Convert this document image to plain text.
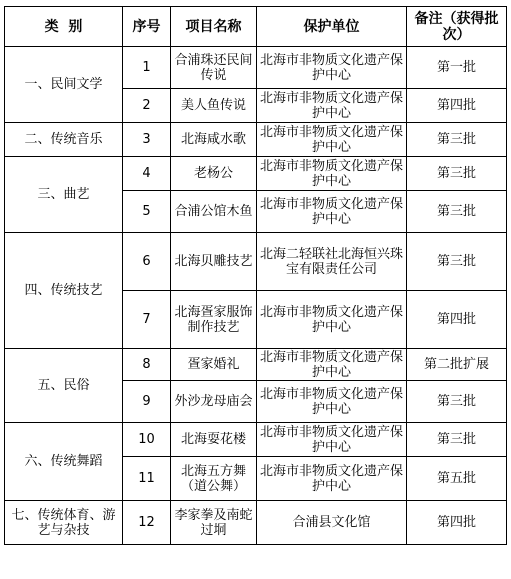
类  别	序号	项目名称	保护单位	备注（获得批次）
一、民间文学	1	合浦珠还民间传说	北海市非物质文化遗产保护中心	第一批
	2	美人鱼传说	北海市非物质文化遗产保护中心	第四批
二、传统音乐	3	北海咸水歌	北海市非物质文化遗产保护中心	第三批
三、曲艺	4	老杨公	北海市非物质文化遗产保护中心	第三批
	5	合浦公馆木鱼	北海市非物质文化遗产保护中心	第三批
四、传统技艺	6	北海贝雕技艺	北海二轻联社北海恒兴珠宝有限责任公司	第三批
	7	北海疍家服饰制作技艺	北海市非物质文化遗产保护中心	第四批
五、民俗	8	疍家婚礼	北海市非物质文化遗产保护中心	第二批扩展
	9	外沙龙母庙会	北海市非物质文化遗产保护中心	第三批
六、传统舞蹈	10	北海耍花楼	北海市非物质文化遗产保护中心	第三批
	11	北海五方舞（道公舞）	北海市非物质文化遗产保护中心	第五批
七、传统体育、游艺与杂技	12	李家拳及南蛇过垌	合浦县文化馆	第四批
